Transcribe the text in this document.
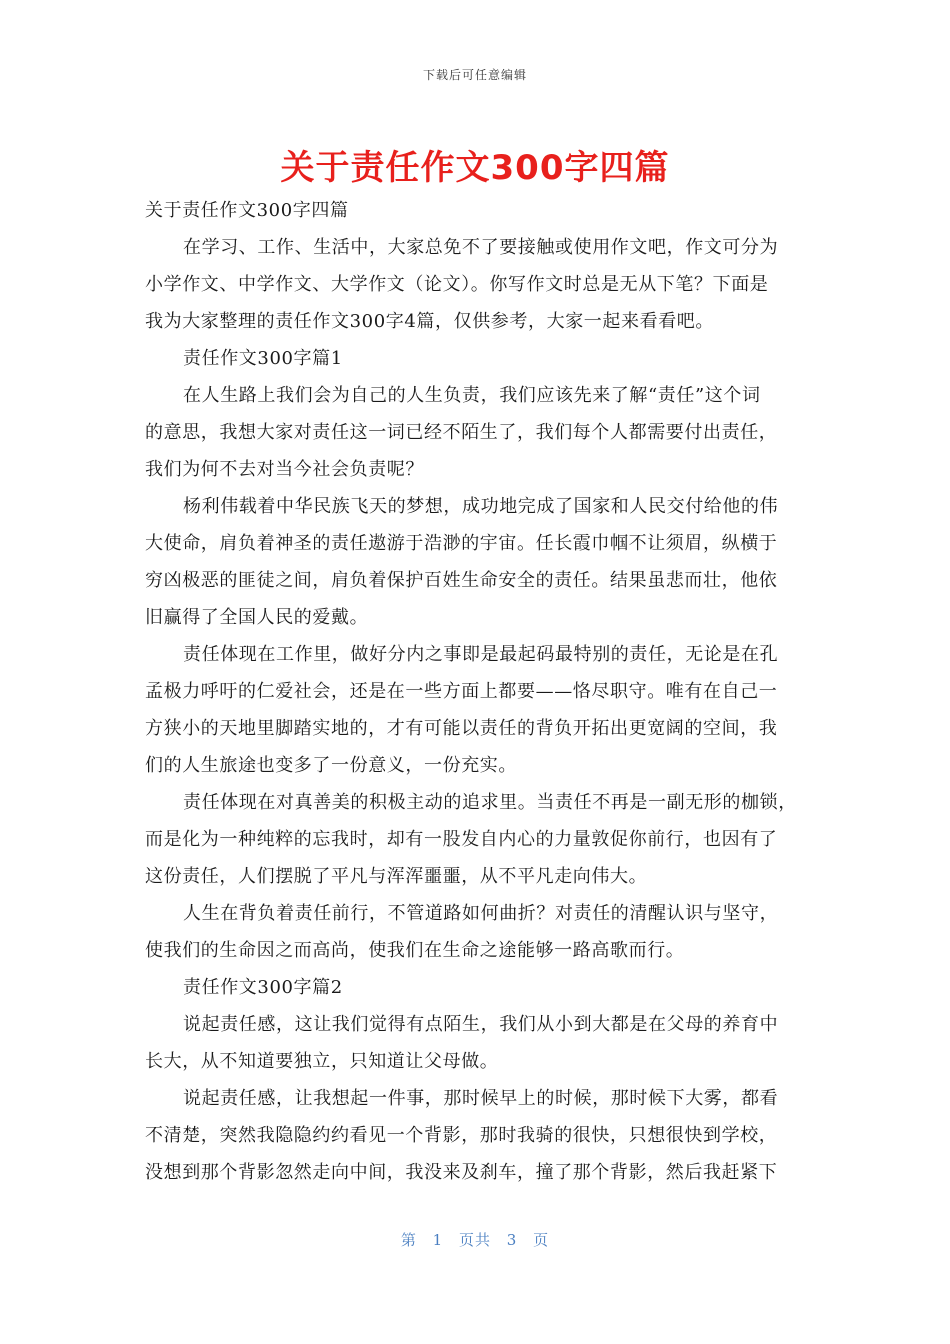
下载后可任意编辑
关于责任作文300字四篇
关于责任作文300字四篇
在学习、工作、生活中，大家总免不了要接触或使用作文吧，作文可分为
小学作文、中学作文、大学作文（论文）。你写作文时总是无从下笔？下面是
我为大家整理的责任作文300字4篇，仅供参考，大家一起来看看吧。
责任作文300字篇1
在人生路上我们会为自己的人生负责，我们应该先来了解“责任”这个词
的意思，我想大家对责任这一词已经不陌生了，我们每个人都需要付出责任，
我们为何不去对当今社会负责呢？
杨利伟载着中华民族飞天的梦想，成功地完成了国家和人民交付给他的伟
大使命，肩负着神圣的责任遨游于浩渺的宇宙。任长霞巾帼不让须眉，纵横于
穷凶极恶的匪徒之间，肩负着保护百姓生命安全的责任。结果虽悲而壮，他依
旧赢得了全国人民的爱戴。
责任体现在工作里，做好分内之事即是最起码最特别的责任，无论是在孔
孟极力呼吁的仁爱社会，还是在一些方面上都要——恪尽职守。唯有在自己一
方狭小的天地里脚踏实地的，才有可能以责任的背负开拓出更宽阔的空间，我
们的人生旅途也变多了一份意义，一份充实。
责任体现在对真善美的积极主动的追求里。当责任不再是一副无形的枷锁，
而是化为一种纯粹的忘我时，却有一股发自内心的力量敦促你前行，也因有了
这份责任，人们摆脱了平凡与浑浑噩噩，从不平凡走向伟大。
人生在背负着责任前行，不管道路如何曲折？对责任的清醒认识与坚守，
使我们的生命因之而高尚，使我们在生命之途能够一路高歌而行。
责任作文300字篇2
说起责任感，这让我们觉得有点陌生，我们从小到大都是在父母的养育中
长大，从不知道要独立，只知道让父母做。
说起责任感，让我想起一件事，那时候早上的时候，那时候下大雾，都看
不清楚，突然我隐隐约约看见一个背影，那时我骑的很快，只想很快到学校，
没想到那个背影忽然走向中间，我没来及刹车，撞了那个背影，然后我赶紧下
第 1 页共 3 页
